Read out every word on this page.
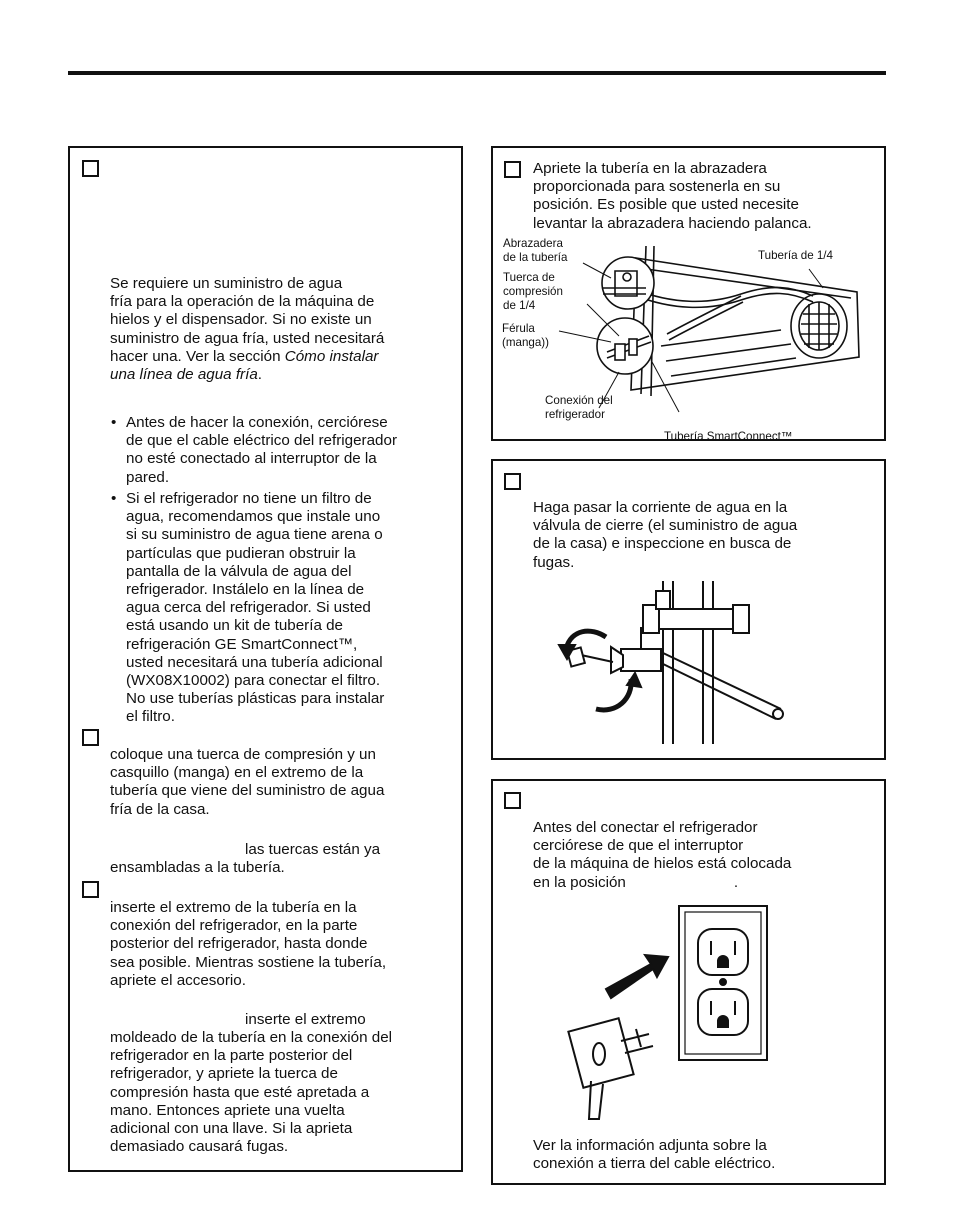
Se requiere un suministro de agua
fría para la operación de la máquina de
hielos y el dispensador. Si no existe un
suministro de agua fría, usted necesitará
hacer una. Ver la sección Cómo instalar
una línea de agua fría.

• Antes de hacer la conexión, cerciórese
de que el cable eléctrico del refrigerador
no esté conectado al interruptor de la
pared.
• Si el refrigerador no tiene un filtro de
agua, recomendamos que instale uno
si su suministro de agua tiene arena o
partículas que pudieran obstruir la
pantalla de la válvula de agua del
refrigerador. Instálelo en la línea de
agua cerca del refrigerador. Si usted
está usando un kit de tubería de
refrigeración GE SmartConnect™,
usted necesitará una tubería adicional
(WX08X10002) para conectar el filtro.
No use tuberías plásticas para instalar
el filtro.

coloque una tuerca de compresión y un
casquillo (manga) en el extremo de la
tubería que viene del suministro de agua
fría de la casa.

las tuercas están ya

ensambladas a la tubería.

inserte el extremo de la tubería en la
conexión del refrigerador, en la parte
posterior del refrigerador, hasta donde
sea posible. Mientras sostiene la tubería,
apriete el accesorio.

inserte el extremo

moldeado de la tubería en la conexión del
refrigerador en la parte posterior del
refrigerador, y apriete la tuerca de
compresión hasta que esté apretada a
mano. Entonces apriete una vuelta
adicional con una llave. Si la aprieta
demasiado causará fugas.

Apriete la tubería en la abrazadera
proporcionada para sostenerla en su
posición. Es posible que usted necesite
levantar la abrazadera haciendo palanca.

Abrazadera
de la tubería
Tuerca de
compresión
de 1/4
Férula
(manga))
Conexión del
refrigerador
Tubería de 1/4
Tubería SmartConnect™

Haga pasar la corriente de agua en la
válvula de cierre (el suministro de agua
de la casa) e inspeccione en busca de
fugas.

Antes del conectar el refrigerador
cerciórese de que el interruptor
de la máquina de hielos está colocada
en la posición	.

Ver la información adjunta sobre la
conexión a tierra del cable eléctrico.
